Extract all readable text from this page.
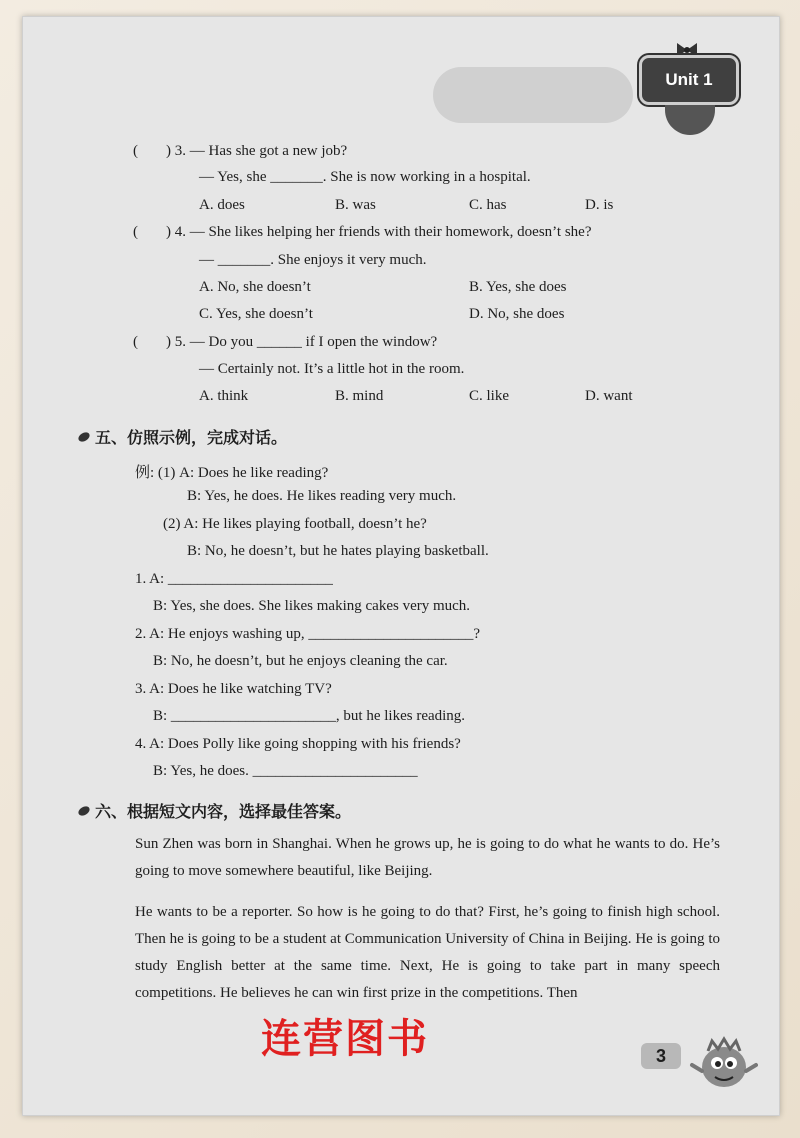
Unit 1
( ) 3. — Has she got a new job?
— Yes, she _______. She is now working in a hospital.
A. does	B. was	C. has	D. is
( ) 4. — She likes helping her friends with their homework, doesn’t she?
— _______. She enjoys it very much.
A. No, she doesn’t	B. Yes, she does
C. Yes, she doesn’t	D. No, she does
( ) 5. — Do you ______ if I open the window?
— Certainly not. It’s a little hot in the room.
A. think	B. mind	C. like	D. want
五、仿照示例，完成对话。
例: (1) A: Does he like reading?
B: Yes, he does. He likes reading very much.
(2) A: He likes playing football, doesn’t he?
B: No, he doesn’t, but he hates playing basketball.
1. A: ______________________
B: Yes, she does. She likes making cakes very much.
2. A: He enjoys washing up, ______________________?
B: No, he doesn’t, but he enjoys cleaning the car.
3. A: Does he like watching TV?
B: ______________________, but he likes reading.
4. A: Does Polly like going shopping with his friends?
B: Yes, he does. ______________________
六、根据短文内容，选择最佳答案。
Sun Zhen was born in Shanghai. When he grows up, he is going to do what he wants to do. He’s going to move somewhere beautiful, like Beijing.
He wants to be a reporter. So how is he going to do that? First, he’s going to finish high school. Then he is going to be a student at Communication University of China in Beijing. He is going to study English better at the same time. Next, He is going to take part in many speech competitions. He believes he can win first prize in the competitions. Then
连营图书	3
